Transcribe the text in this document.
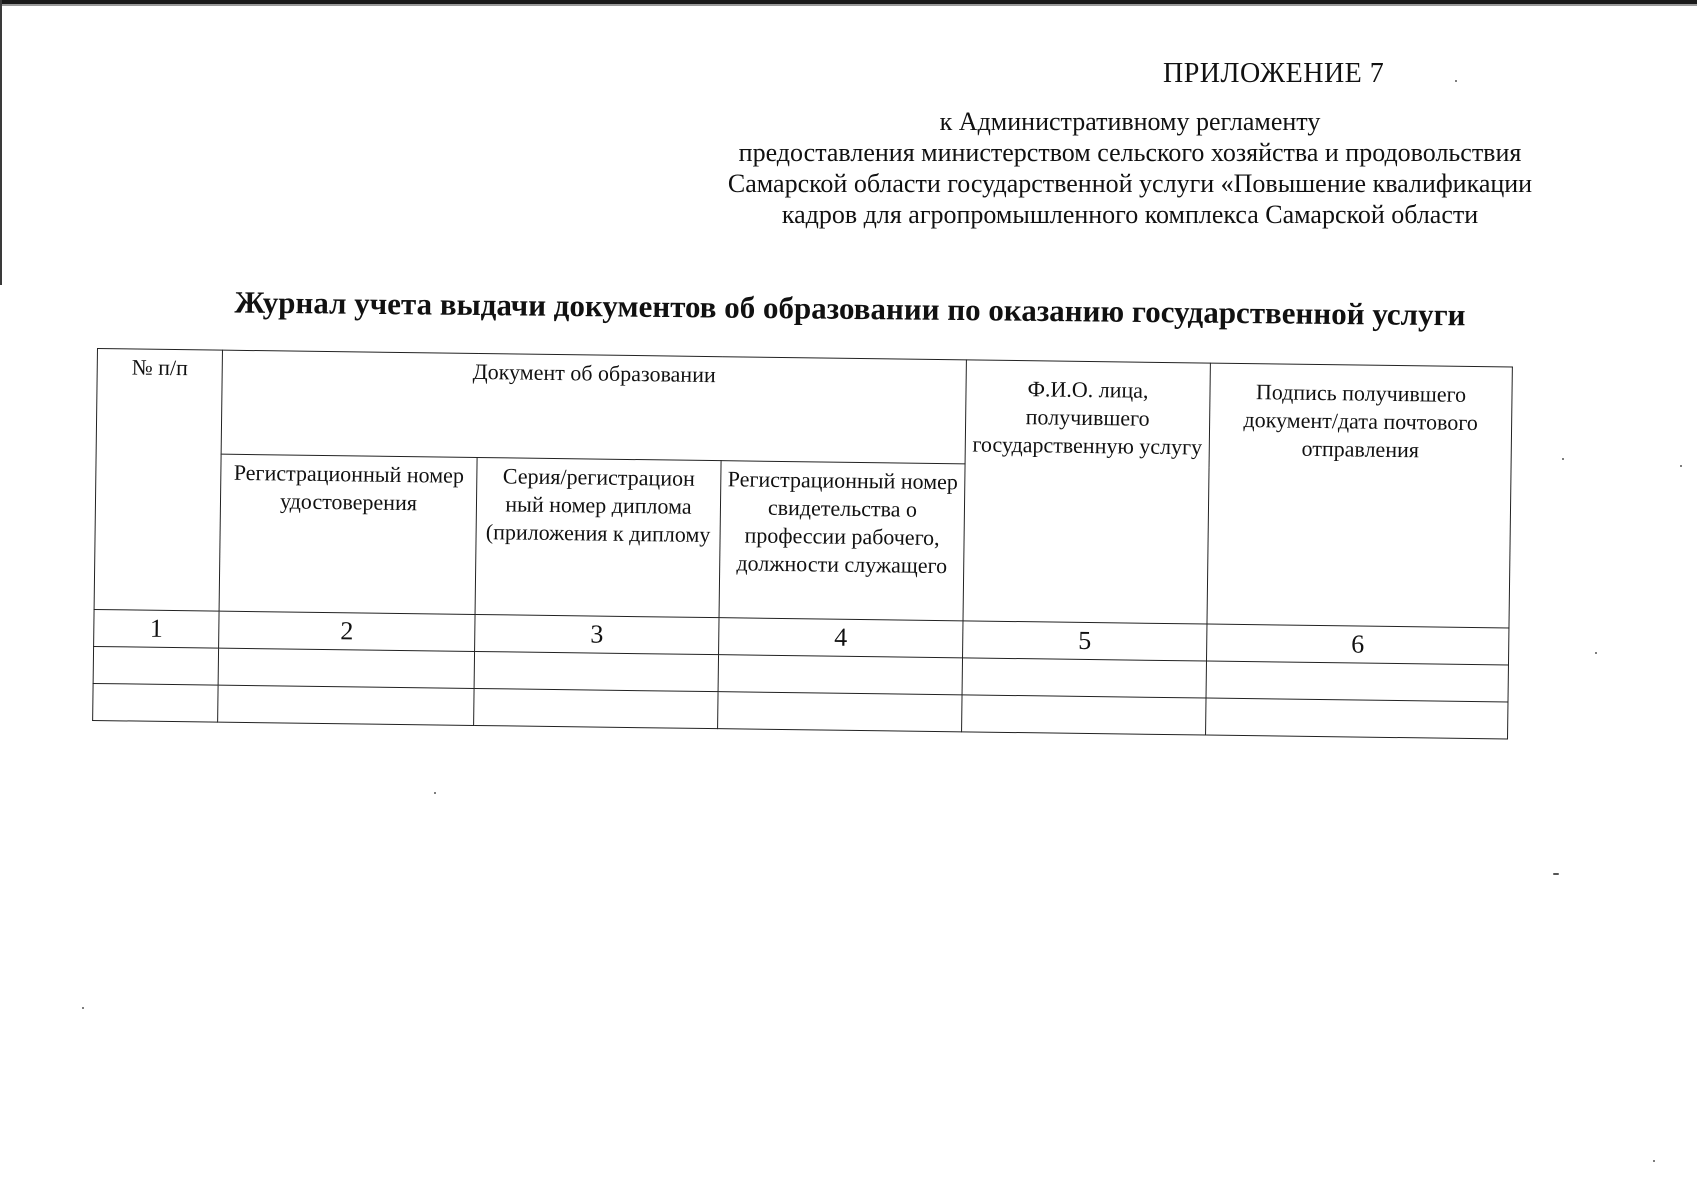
ПРИЛОЖЕНИЕ 7
к Административному регламенту
предоставления министерством сельского хозяйства и продовольствия
Самарской области государственной услуги «Повышение квалификации
кадров для агропромышленного комплекса Самарской области
Журнал учета выдачи документов об образовании по оказанию государственной услуги
№ п/п	Документ об образовании			Ф.И.О. лица, получившего государственную услугу	Подпись получившего документ/дата почтового отправления
	Регистрационный номер удостоверения	Серия/регистрацион ный номер диплома (приложения к диплому	Регистрационный номер свидетельства о профессии рабочего, должности служащего		
1	2	3	4	5	6
